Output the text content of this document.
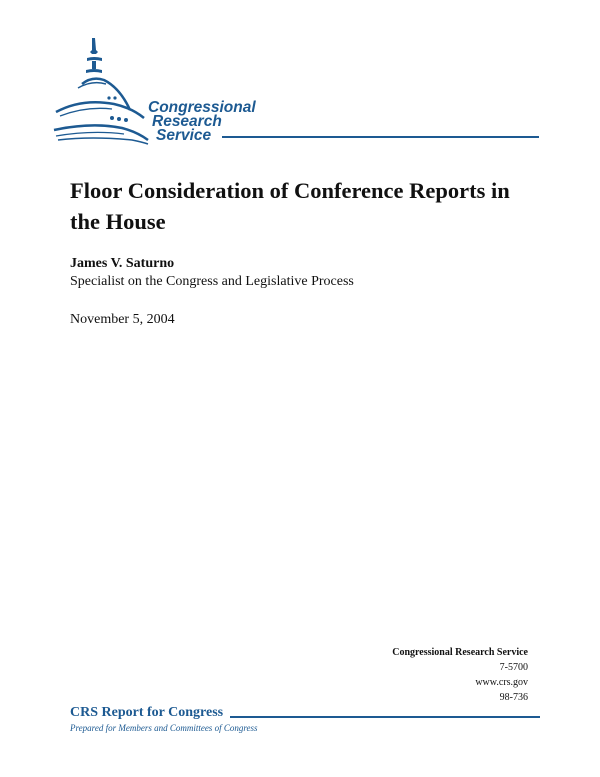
Congressional
Research
Service
Floor Consideration of Conference Reports in the House
James V. Saturno
Specialist on the Congress and Legislative Process
November 5, 2004
Congressional Research Service
7-5700
www.crs.gov
98-736
CRS Report for Congress
Prepared for Members and Committees of Congress
